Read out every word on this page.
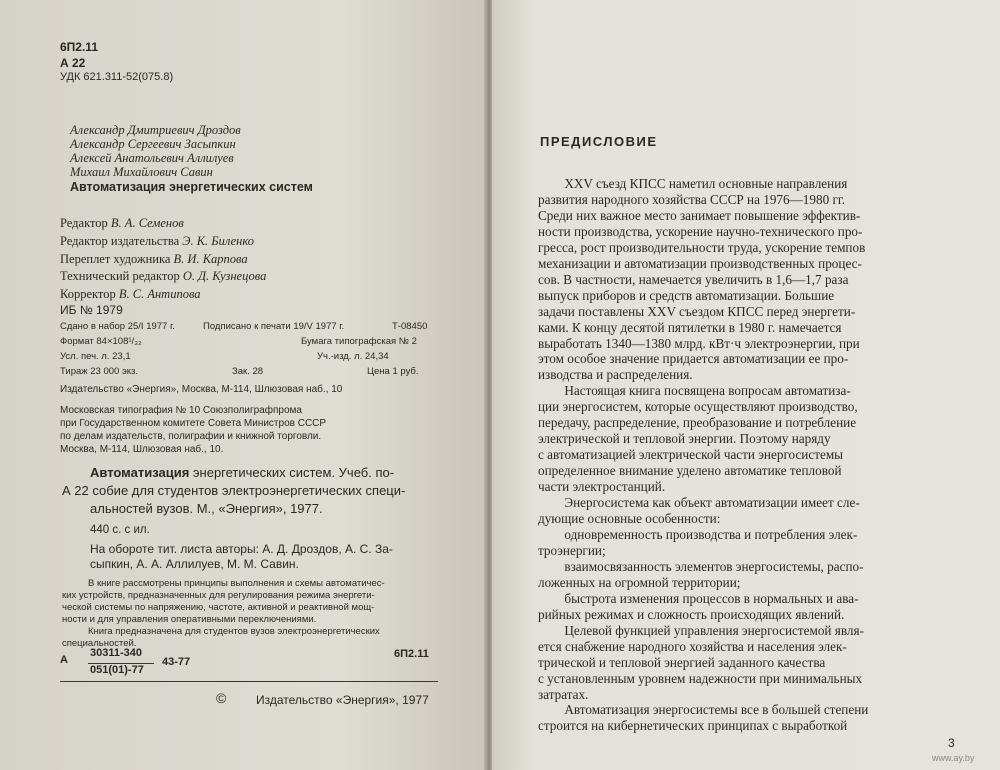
6П2.11
А 22
УДК 621.311-52(075.8)
Александр Дмитриевич Дроздов
Александр Сергеевич Засыпкин
Алексей Анатольевич Аллилуев
Михаил Михайлович Савин
Автоматизация энергетических систем
Редактор В. А. Семенов
Редактор издательства Э. К. Биленко
Переплет художника В. И. Карпова
Технический редактор О. Д. Кузнецова
Корректор В. С. Антипова
ИБ № 1979
Сдано в набор 25/I 1977 г.	Подписано к печати 19/V 1977 г.	Т-08450
Формат 84×108¹/₃₂	Бумага типографская № 2
Усл. печ. л. 23,1	Уч.-изд. л. 24,34
Тираж 23 000 экз.	Зак. 28	Цена 1 руб.
Издательство «Энергия», Москва, М-114, Шлюзовая наб., 10
Московская типография № 10 Союзполиграфпрома
при Государственном комитете Совета Министров СССР
по делам издательств, полиграфии и книжной торговли.
Москва, М-114, Шлюзовая наб., 10.
Автоматизация энергетических систем. Учеб. по-
А 22 собие для студентов электроэнергетических специ-
альностей вузов. М., «Энергия», 1977.
440 с. с ил.
На обороте тит. листа авторы: А. Д. Дроздов, А. С. За-
сыпкин, А. А. Аллилуев, М. М. Савин.
В книге рассмотрены принципы выполнения и схемы автоматичес-
ких устройств, предназначенных для регулирования режима энергети-
ческой системы по напряжению, частоте, активной и реактивной мощ-
ности и для управления оперативными переключениями.
Книга предназначена для студентов вузов электроэнергетических
специальностей.
А
30311-340
051(01)-77
43-77
6П2.11
© Издательство «Энергия», 1977
ПРЕДИСЛОВИЕ

XXV съезд КПСС наметил основные направления

развития народного хозяйства СССР на 1976—1980 гг.

Среди них важное место занимает повышение эффектив-

ности производства, ускорение научно-технического про-

гресса, рост производительности труда, ускорение темпов

механизации и автоматизации производственных процес-

сов. В частности, намечается увеличить в 1,6—1,7 раза

выпуск приборов и средств автоматизации. Большие

задачи поставлены XXV съездом КПСС перед энергети-

ками. К концу десятой пятилетки в 1980 г. намечается

выработать 1340—1380 млрд. кВт·ч электроэнергии, при

этом особое значение придается автоматизации ее про-

изводства и распределения.

Настоящая книга посвящена вопросам автоматиза-

ции энергосистем, которые осуществляют производство,

передачу, распределение, преобразование и потребление

электрической и тепловой энергии. Поэтому наряду

с автоматизацией электрической части энергосистемы

определенное внимание уделено автоматике тепловой

части электростанций.

Энергосистема как объект автоматизации имеет сле-

дующие основные особенности:

одновременность производства и потребления элек-

троэнергии;

взаимосвязанность элементов энергосистемы, распо-

ложенных на огромной территории;

быстрота изменения процессов в нормальных и ава-

рийных режимах и сложность происходящих явлений.

Целевой функцией управления энергосистемой явля-

ется снабжение народного хозяйства и населения элек-

трической и тепловой энергией заданного качества

с установленным уровнем надежности при минимальных

затратах.

Автоматизация энергосистемы все в большей степени

строится на кибернетических принципах с выработкой

3
www.ay.by
